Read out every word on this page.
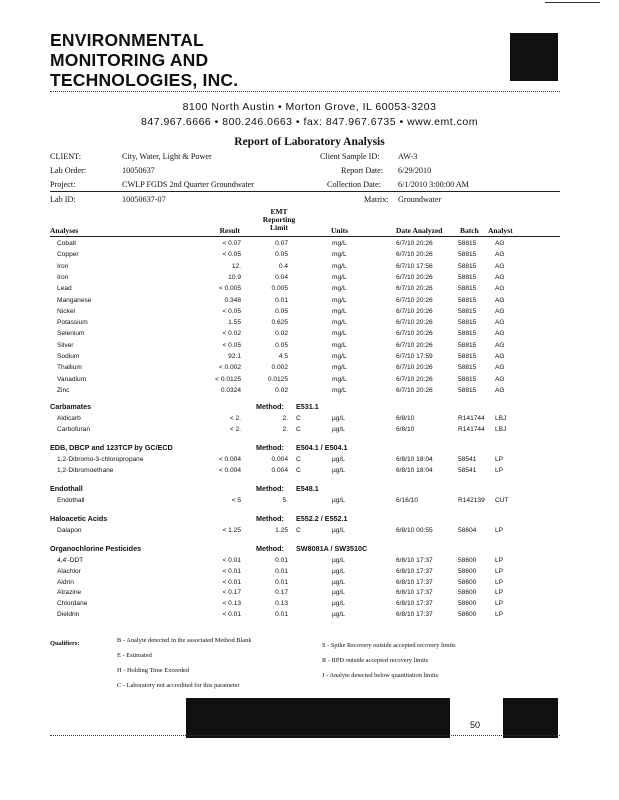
ENVIRONMENTAL
MONITORING AND
TECHNOLOGIES, INC.
8100 North Austin • Morton Grove, IL 60053-3203
847.967.6666 • 800.246.0663 • fax: 847.967.6735 • www.emt.com
Report of Laboratory Analysis
CLIENT:	City, Water, Light & Power
Lab Order:	10050637
Project:	CWLP FGDS 2nd Quarter Groundwater
Lab ID:	10050637-07
Client Sample ID: AW-3
Report Date: 6/29/2010
Collection Date: 6/1/2010 3:00:00 AM
Matrix: Groundwater
Analyses	Result
EMT
Reporting
Limit	Units	Date Analyzed Batch Analyst
Cobalt	< 0.07	0.07	mg/L	6/7/10 20:26	58815	AG
Copper	< 0.05	0.05	mg/L	6/7/10 20:26	58815	AG
Iron	12.	0.4	mg/L	6/7/10 17:56	58815	AG
Iron	10.9	0.04	mg/L	6/7/10 20:26	58815	AG
Lead	< 0.005	0.005	mg/L	6/7/10 20:26	58815	AG
Manganese	0.348	0.01	mg/L	6/7/10 20:26	58815	AG
Nickel	< 0.05	0.05	mg/L	6/7/10 20:26	58815	AG
Potassium	1.55	0.625	mg/L	6/7/10 20:26	58815	AG
Selenium	< 0.02	0.02	mg/L	6/7/10 20:26	58815	AG
Silver	< 0.05	0.05	mg/L	6/7/10 20:26	58815	AG
Sodium	92.1	4.5	mg/L	6/7/10 17:59	58815	AG
Thallium	< 0.002	0.002	mg/L	6/7/10 20:26	58815	AG
Vanadium	< 0.0125	0.0125	mg/L	6/7/10 20:26	58815	AG
Zinc	0.0324	0.02	mg/L	6/7/10 20:26	58815	AG
Carbamates	Method: E531.1
Aldicarb	< 2.	2. C	µg/L	6/8/10	R141744	LBJ
Carbofuran	< 2.	2. C	µg/L	6/8/10	R141744	LBJ
EDB, DBCP and 123TCP by GC/ECD	Method: E504.1 / E504.1
1,2-Dibromo-3-chloropropane	< 0.004	0.004 C	µg/L	6/8/10 18:04	58541	LP
1,2-Dibromoethane	< 0.004	0.004 C	µg/L	6/8/10 18:04	58541	LP
Endothall	Method: E548.1
Endothall	< 5	5.	µg/L	6/16/10	R142139	CUT
Haloacetic Acids	Method: E552.2 / E552.1
Dalapon	< 1.25	1.25 C	µg/L	6/8/10 00:55	58604	LP
Organochlorine Pesticides	Method: SW8081A / SW3510C
4,4'-DDT	< 0.01	0.01	µg/L	6/8/10 17:37	58600	LP
Alachlor	< 0.01	0.01	µg/L	6/8/10 17:37	58600	LP
Aldrin	< 0.01	0.01	µg/L	6/8/10 17:37	58600	LP
Atrazine	< 0.17	0.17	µg/L	6/8/10 17:37	58600	LP
Chlordane	< 0.13	0.13	µg/L	6/8/10 17:37	58600	LP
Dieldrin	< 0.01	0.01	µg/L	6/8/10 17:37	58600	LP
Qualifiers:	B - Analyte detected in the associated Method Blank
E - Estimated
H - Holding Time Exceeded
C - Laboratory not accredited for this parameter
S - Spike Recovery outside accepted recovery limits
R - RPD outside accepted recovery limits
J - Analyte detected below quantitation limits
50
